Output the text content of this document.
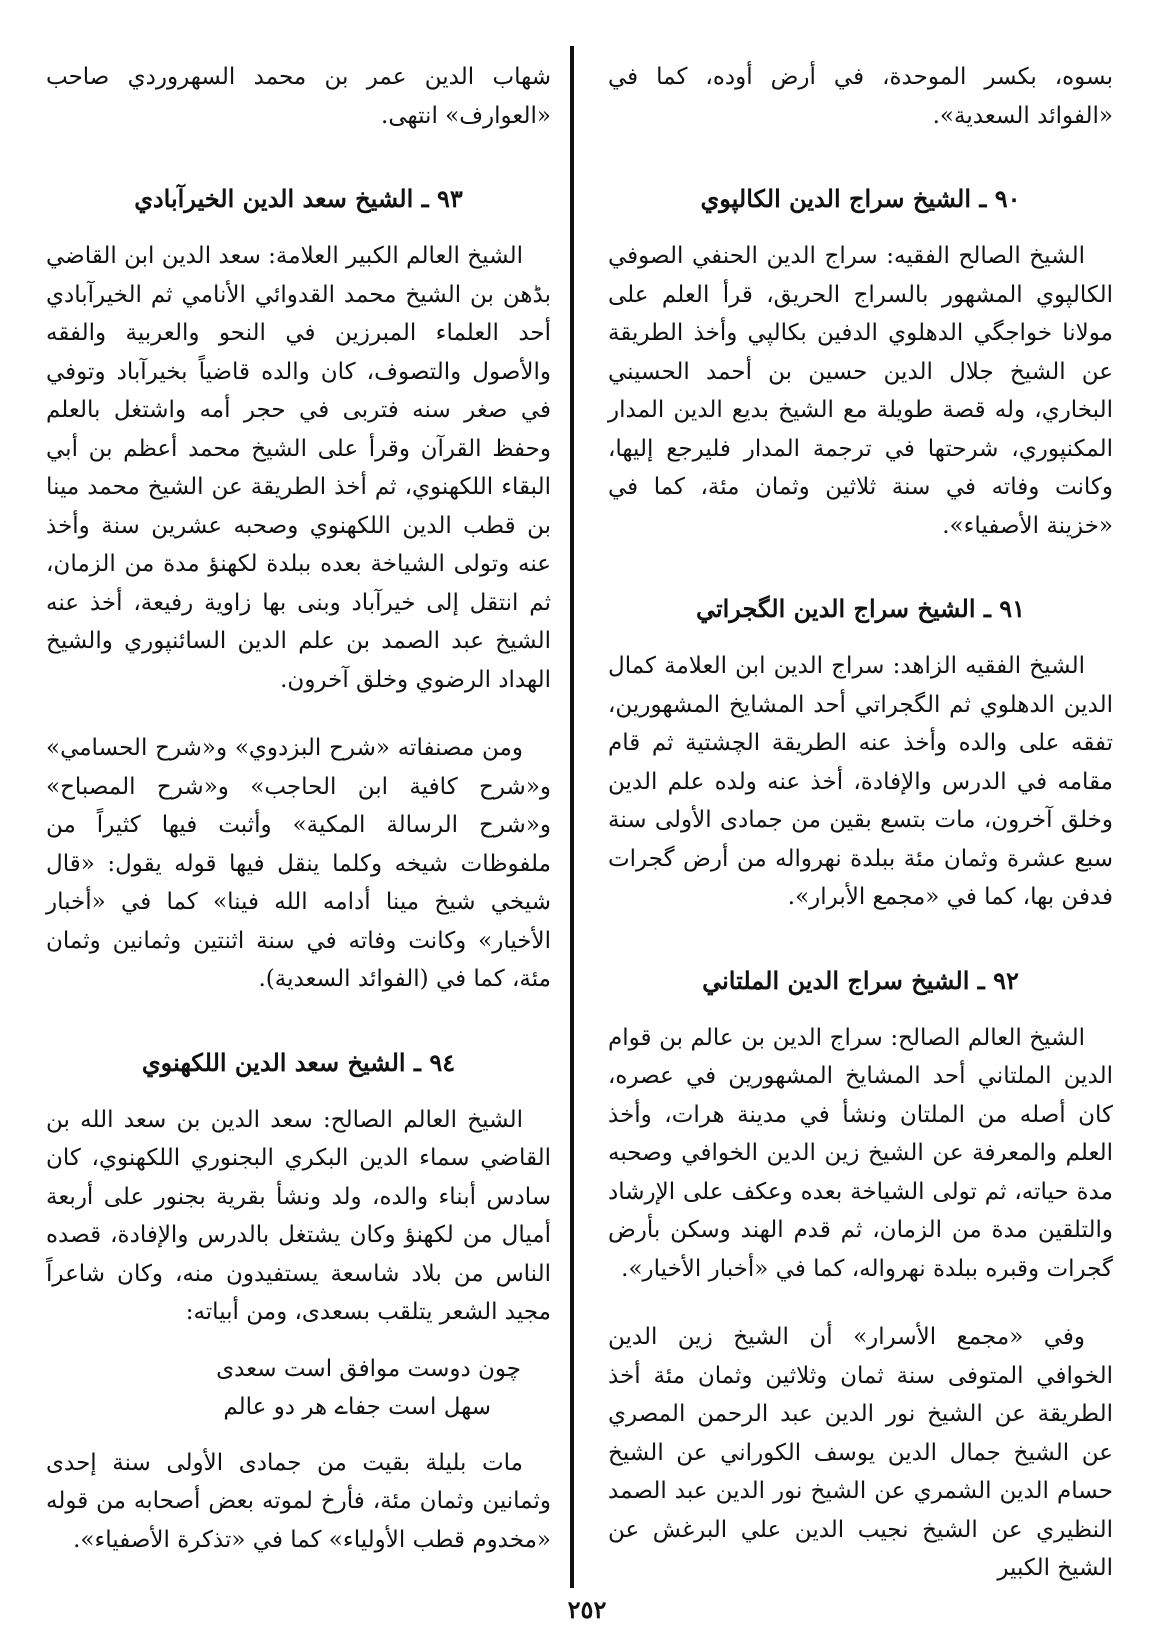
بسوه، بكسر الموحدة، في أرض أوده، كما في «الفوائد السعدية».

٩٠ ـ الشيخ سراج الدين الكالپوي

الشيخ الصالح الفقيه: سراج الدين الحنفي الصوفي الكالپوي المشهور بالسراج الحريق، قرأ العلم على مولانا خواجگي الدهلوي الدفين بكالپي وأخذ الطريقة عن الشيخ جلال الدين حسين بن أحمد الحسيني البخاري، وله قصة طويلة مع الشيخ بديع الدين المدار المكنپوري، شرحتها في ترجمة المدار فليرجع إليها، وكانت وفاته في سنة ثلاثين وثمان مئة، كما في «خزينة الأصفياء».

٩١ ـ الشيخ سراج الدين الگجراتي

الشيخ الفقيه الزاهد: سراج الدين ابن العلامة كمال الدين الدهلوي ثم الگجراتي أحد المشايخ المشهورين، تفقه على والده وأخذ عنه الطريقة الچشتية ثم قام مقامه في الدرس والإفادة، أخذ عنه ولده علم الدين وخلق آخرون، مات بتسع بقين من جمادى الأولى سنة سبع عشرة وثمان مئة ببلدة نهرواله من أرض گجرات فدفن بها، كما في «مجمع الأبرار».

٩٢ ـ الشيخ سراج الدين الملتاني

الشيخ العالم الصالح: سراج الدين بن عالم بن قوام الدين الملتاني أحد المشايخ المشهورين في عصره، كان أصله من الملتان ونشأ في مدينة هرات، وأخذ العلم والمعرفة عن الشيخ زين الدين الخوافي وصحبه مدة حياته، ثم تولى الشياخة بعده وعكف على الإرشاد والتلقين مدة من الزمان، ثم قدم الهند وسكن بأرض گجرات وقبره ببلدة نهرواله، كما في «أخبار الأخيار».

وفي «مجمع الأسرار» أن الشيخ زين الدين الخوافي المتوفى سنة ثمان وثلاثين وثمان مئة أخذ الطريقة عن الشيخ نور الدين عبد الرحمن المصري عن الشيخ جمال الدين يوسف الكوراني عن الشيخ حسام الدين الشمري عن الشيخ نور الدين عبد الصمد النظيري عن الشيخ نجيب الدين علي البرغش عن الشيخ الكبير

شهاب الدين عمر بن محمد السهروردي صاحب «العوارف» انتهى.

٩٣ ـ الشيخ سعد الدين الخيرآبادي

الشيخ العالم الكبير العلامة: سعد الدين ابن القاضي بڈهن بن الشيخ محمد القدوائي الأنامي ثم الخيرآبادي أحد العلماء المبرزين في النحو والعربية والفقه والأصول والتصوف، كان والده قاضياً بخيرآباد وتوفي في صغر سنه فتربى في حجر أمه واشتغل بالعلم وحفظ القرآن وقرأ على الشيخ محمد أعظم بن أبي البقاء اللكهنوي، ثم أخذ الطريقة عن الشيخ محمد مينا بن قطب الدين اللكهنوي وصحبه عشرين سنة وأخذ عنه وتولى الشياخة بعده ببلدة لكهنؤ مدة من الزمان، ثم انتقل إلى خيرآباد وبنى بها زاوية رفيعة، أخذ عنه الشيخ عبد الصمد بن علم الدين السائنپوري والشيخ الهداد الرضوي وخلق آخرون.

ومن مصنفاته «شرح البزدوي» و«شرح الحسامي» و«شرح كافية ابن الحاجب» و«شرح المصباح» و«شرح الرسالة المكية» وأثبت فيها كثيراً من ملفوظات شيخه وكلما ينقل فيها قوله يقول: «قال شيخي شيخ مينا أدامه الله فينا» كما في «أخبار الأخيار» وكانت وفاته في سنة اثنتين وثمانين وثمان مئة، كما في (الفوائد السعدية).

٩٤ ـ الشيخ سعد الدين اللكهنوي

الشيخ العالم الصالح: سعد الدين بن سعد الله بن القاضي سماء الدين البكري البجنوري اللكهنوي، كان سادس أبناء والده، ولد ونشأ بقرية بجنور على أربعة أميال من لكهنؤ وكان يشتغل بالدرس والإفادة، قصده الناس من بلاد شاسعة يستفيدون منه، وكان شاعراً مجيد الشعر يتلقب بسعدى، ومن أبياته:

چون دوست موافق است سعدى

سهل است جفاے هر دو عالم

مات بليلة بقيت من جمادى الأولى سنة إحدى وثمانين وثمان مئة، فأرخ لموته بعض أصحابه من قوله «مخدوم قطب الأولياء» كما في «تذكرة الأصفياء».

٢٥٢
